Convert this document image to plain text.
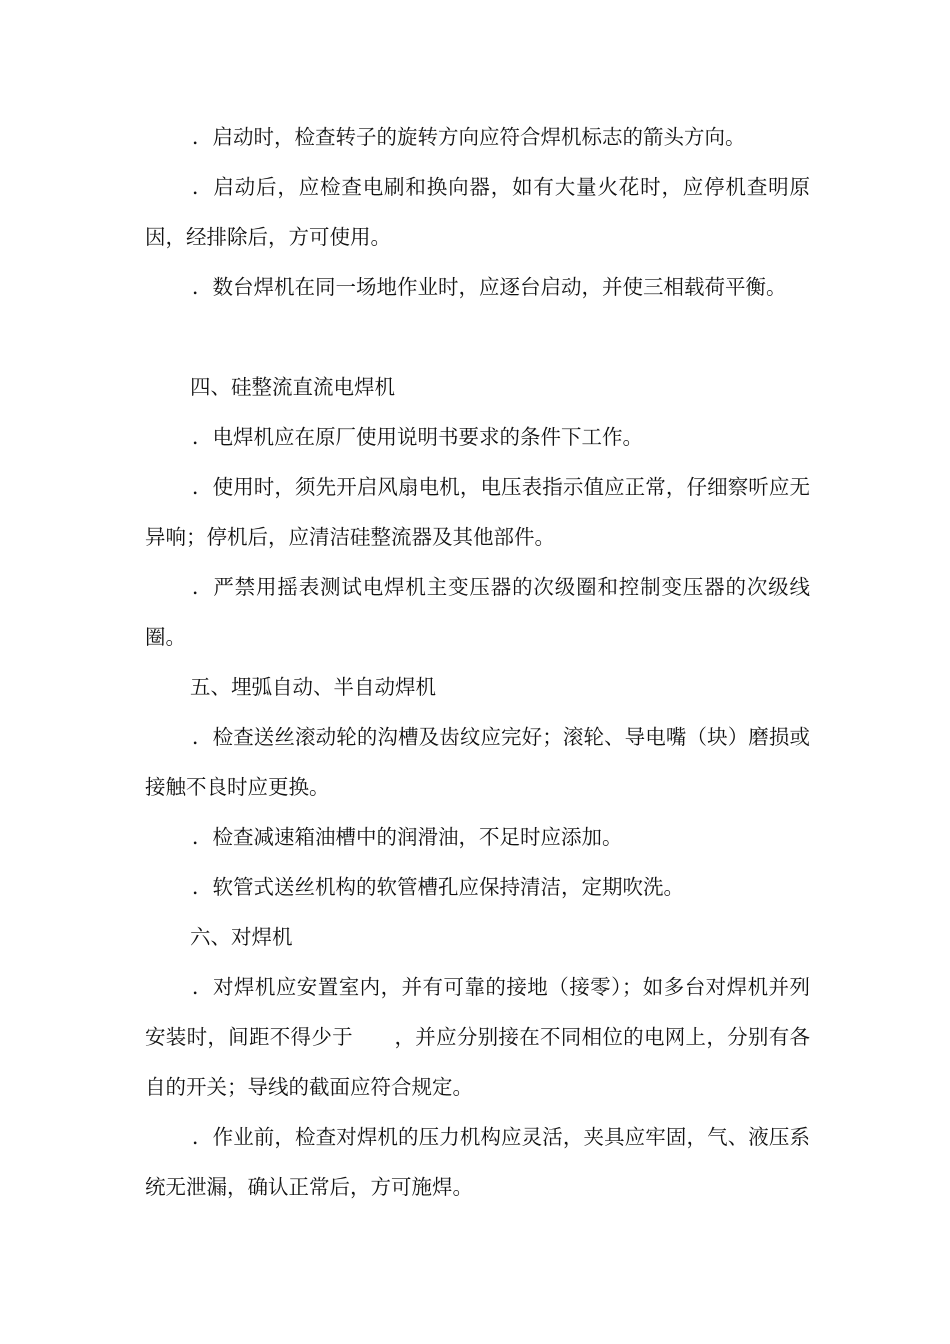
．启动时，检查转子的旋转方向应符合焊机标志的箭头方向。

．启动后，应检查电刷和换向器，如有大量火花时，应停机查明原因，经排除后，方可使用。

．数台焊机在同一场地作业时，应逐台启动，并使三相载荷平衡。

四、硅整流直流电焊机

．电焊机应在原厂使用说明书要求的条件下工作。

．使用时，须先开启风扇电机，电压表指示值应正常，仔细察听应无异响；停机后，应清洁硅整流器及其他部件。

．严禁用摇表测试电焊机主变压器的次级圈和控制变压器的次级线圈。

五、埋弧自动、半自动焊机

．检查送丝滚动轮的沟槽及齿纹应完好；滚轮、导电嘴（块）磨损或接触不良时应更换。

．检查减速箱油槽中的润滑油，不足时应添加。

．软管式送丝机构的软管槽孔应保持清洁，定期吹洗。

六、对焊机

．对焊机应安置室内，并有可靠的接地（接零）；如多台对焊机并列安装时，间距不得少于　　，并应分别接在不同相位的电网上，分别有各自的开关；导线的截面应符合规定。

．作业前，检查对焊机的压力机构应灵活，夹具应牢固，气、液压系统无泄漏，确认正常后，方可施焊。
